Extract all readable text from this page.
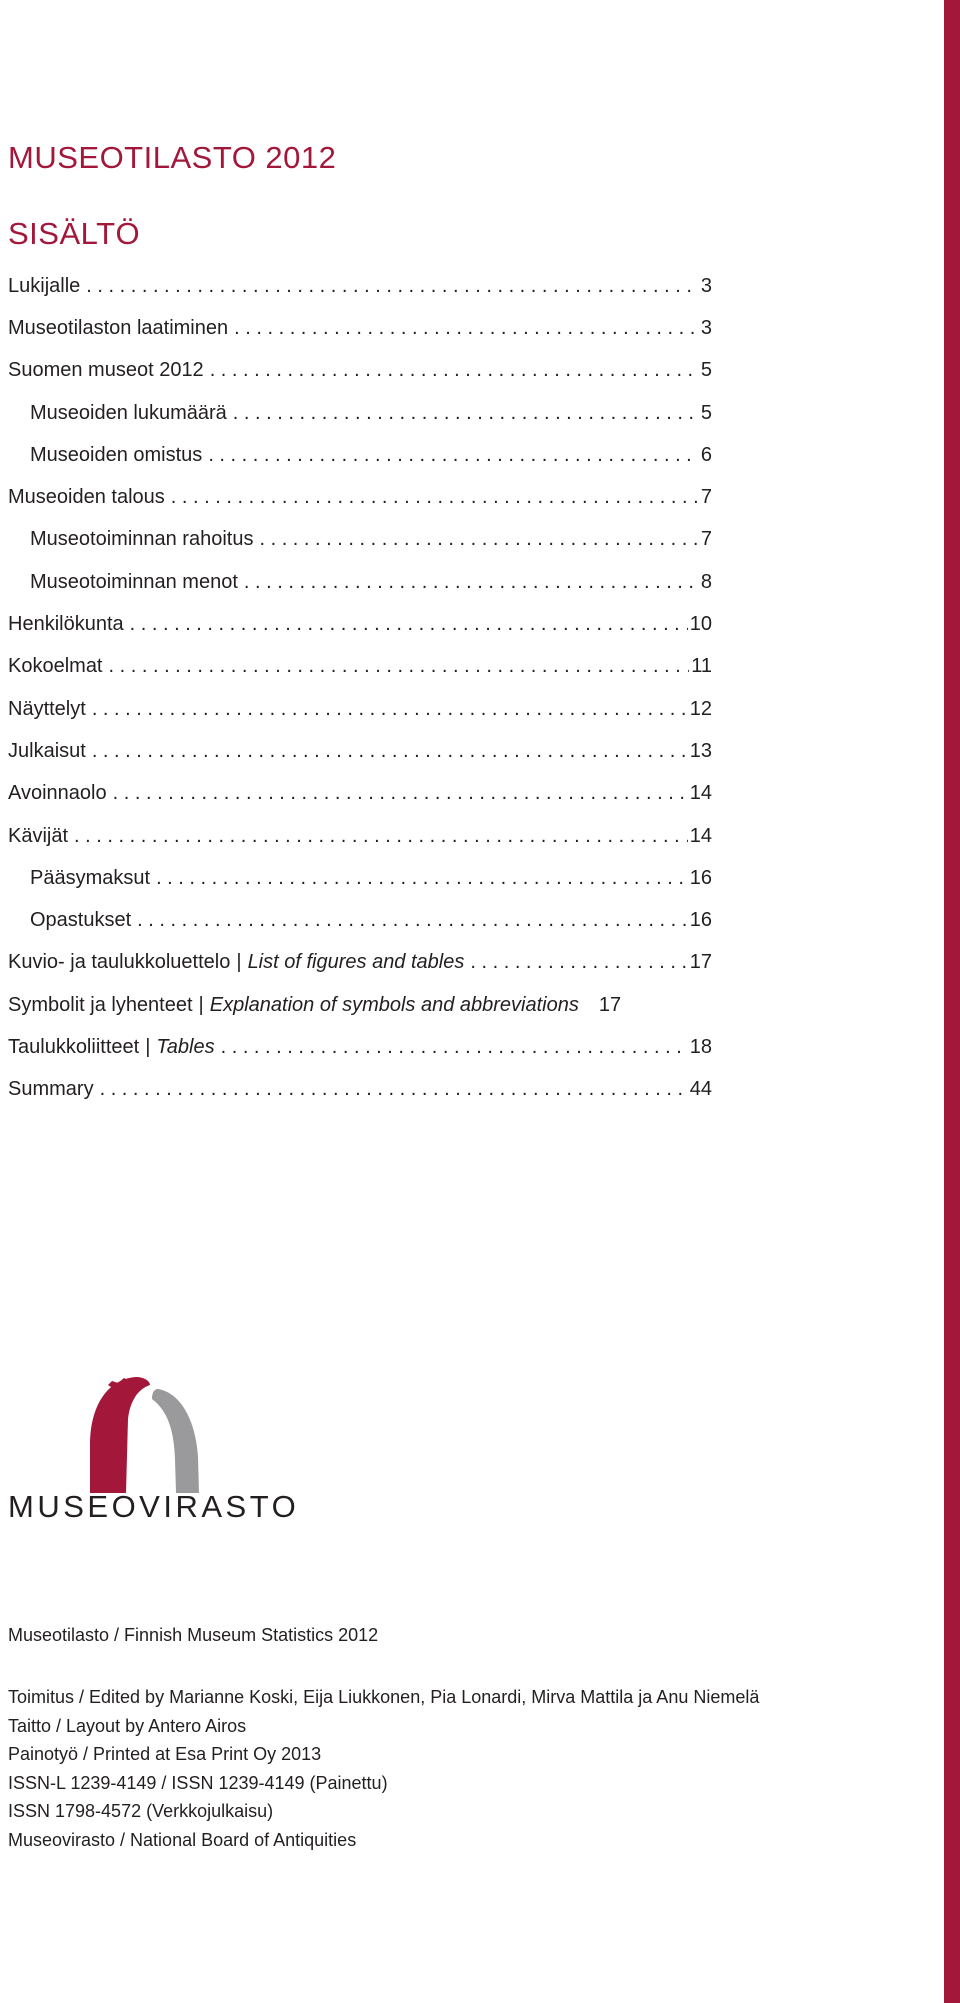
MUSEOTILASTO 2012
SISÄLTÖ
Lukijalle . . .	3
Museotilaston laatiminen . . .	3
Suomen museot 2012 . . .	5
Museoiden lukumäärä . . .	5
Museoiden omistus . . .	6
Museoiden talous . . .	7
Museotoiminnan rahoitus . . .	7
Museotoiminnan menot . . .	8
Henkilökunta . . .	10
Kokoelmat . . .	11
Näyttelyt . . .	12
Julkaisut . . .	13
Avoinnaolo . . .	14
Kävijät . . .	14
Pääsymaksut . . .	16
Opastukset . . .	16
Kuvio- ja taulukkoluettelo | List of figures and tables . . .	17
Symbolit ja lyhenteet | Explanation of symbols and abbreviations 17
Taulukkoliitteet | Tables . . .	18
Summary . . .	44
MUSEOVIRASTO
Museotilasto / Finnish Museum Statistics 2012
Toimitus / Edited by Marianne Koski, Eija Liukkonen, Pia Lonardi, Mirva Mattila ja Anu Niemelä
Taitto / Layout by Antero Airos
Painotyö / Printed at Esa Print Oy 2013
ISSN-L 1239-4149 / ISSN 1239-4149 (Painettu)
ISSN 1798-4572 (Verkkojulkaisu)
Museovirasto / National Board of Antiquities
